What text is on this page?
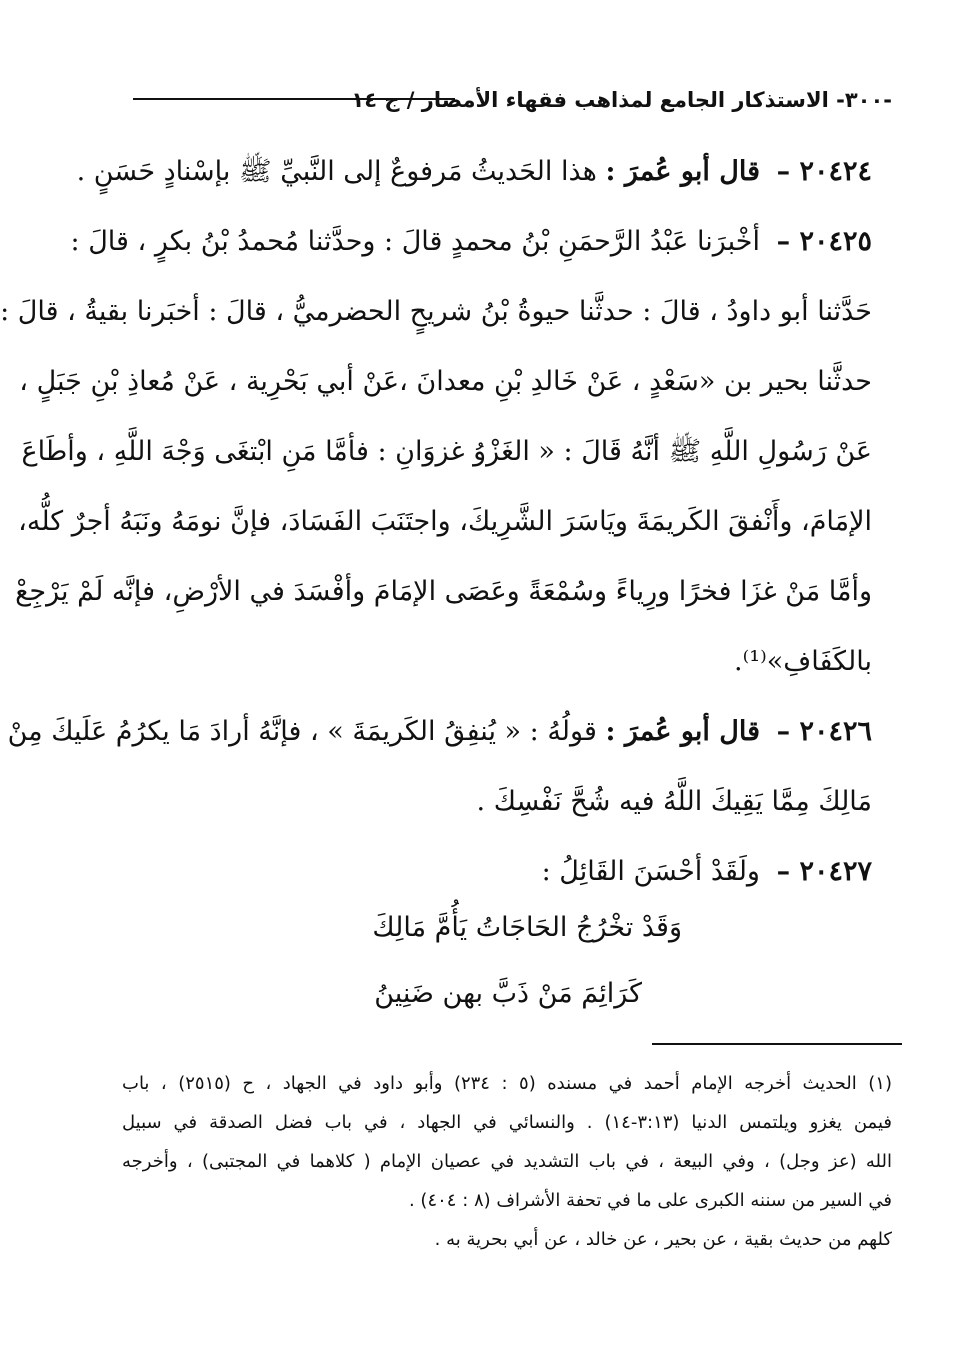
-٣٠٠- الاستذكار الجامع لمذاهب فقهاء الأمصار / ج ١٤
٢٠٤٢٤ – قال أبو عُمرَ : هذا الحَديثُ مَرفوعٌ إلى النَّبيِّ ﷺ بإسْنادٍ حَسَنٍ .
٢٠٤٢٥ – أخْبرَنا عَبْدُ الرَّحمَنِ بْنُ محمدٍ قالَ : وحدَّثنا مُحمدُ بْنُ بكرٍ ، قالَ :
حَدَّثنا أبو داودُ ، قالَ : حدثَّنا حيوةُ بْنُ شريحٍ الحضرميُّ ، قالَ : أخبَرنا بقيةُ ، قالَ :
حدثَّنا بحير بن «سَعْدٍ ، عَنْ خَالدِ بْنِ معدانَ ،عَنْ أبي بَحْرِية ، عَنْ مُعاذِ بْنِ جَبَلٍ ،
عَنْ رَسُولِ اللَّهِ ﷺ أنَّهُ قَالَ : « الغَزْوُ غزوَانِ : فأمَّا مَنِ ابْتغَى وَجْهَ اللَّهِ ، وأطَاعَ
الإمَامَ، وأَنْفقَ الكَريمَةَ ويَاسَرَ الشَّرِيكَ، واجتَنَبَ الفَسَادَ، فإنَّ نومَهُ ونَبَهُ أجرٌ كلُّه،
وأمَّا مَنْ غزَا فخرًا ورِياءً وسُمْعَةً وعَصَى الإمَامَ وأفْسَدَ في الأرْضِ، فإنَّه لَمْ يَرْجِعْ
بالكَفَافِ»⁽¹⁾.
٢٠٤٢٦ – قال أبو عُمرَ : قولُهُ : « يُنفِقُ الكَريمَةَ » ، فإنَّهُ أرادَ مَا يكرُمُ عَلَيكَ مِنْ
مَالِكَ مِمَّا يَقِيكَ اللَّهُ فيه شُحَّ نَفْسِكَ .
٢٠٤٢٧ – ولَقَدْ أحْسَنَ القَائِلُ :
وَقَدْ تخْرُجُ الحَاجَاتُ يَأُمَّ مَالِكَ
كَرَائِمَ مَنْ ذَبَّ بهن ضَنِينُ
(١) الحديث أخرجه الإمام أحمد في مسنده (٥ : ٢٣٤) وأبو داود في الجهاد ، ح (٢٥١٥) ، باب
فيمن يغزو ويلتمس الدنيا (٣:١٣-١٤) . والنسائي في الجهاد ، في باب فضل الصدقة في سبيل
الله (عز وجل) ، وفي البيعة ، في باب التشديد في عصيان الإمام ( كلاهما في المجتبى) ، وأخرجه
في السير من سننه الكبرى على ما في تحفة الأشراف (٨ : ٤٠٤) .
كلهم من حديث بقية ، عن بحير ، عن خالد ، عن أبي بحرية به .
